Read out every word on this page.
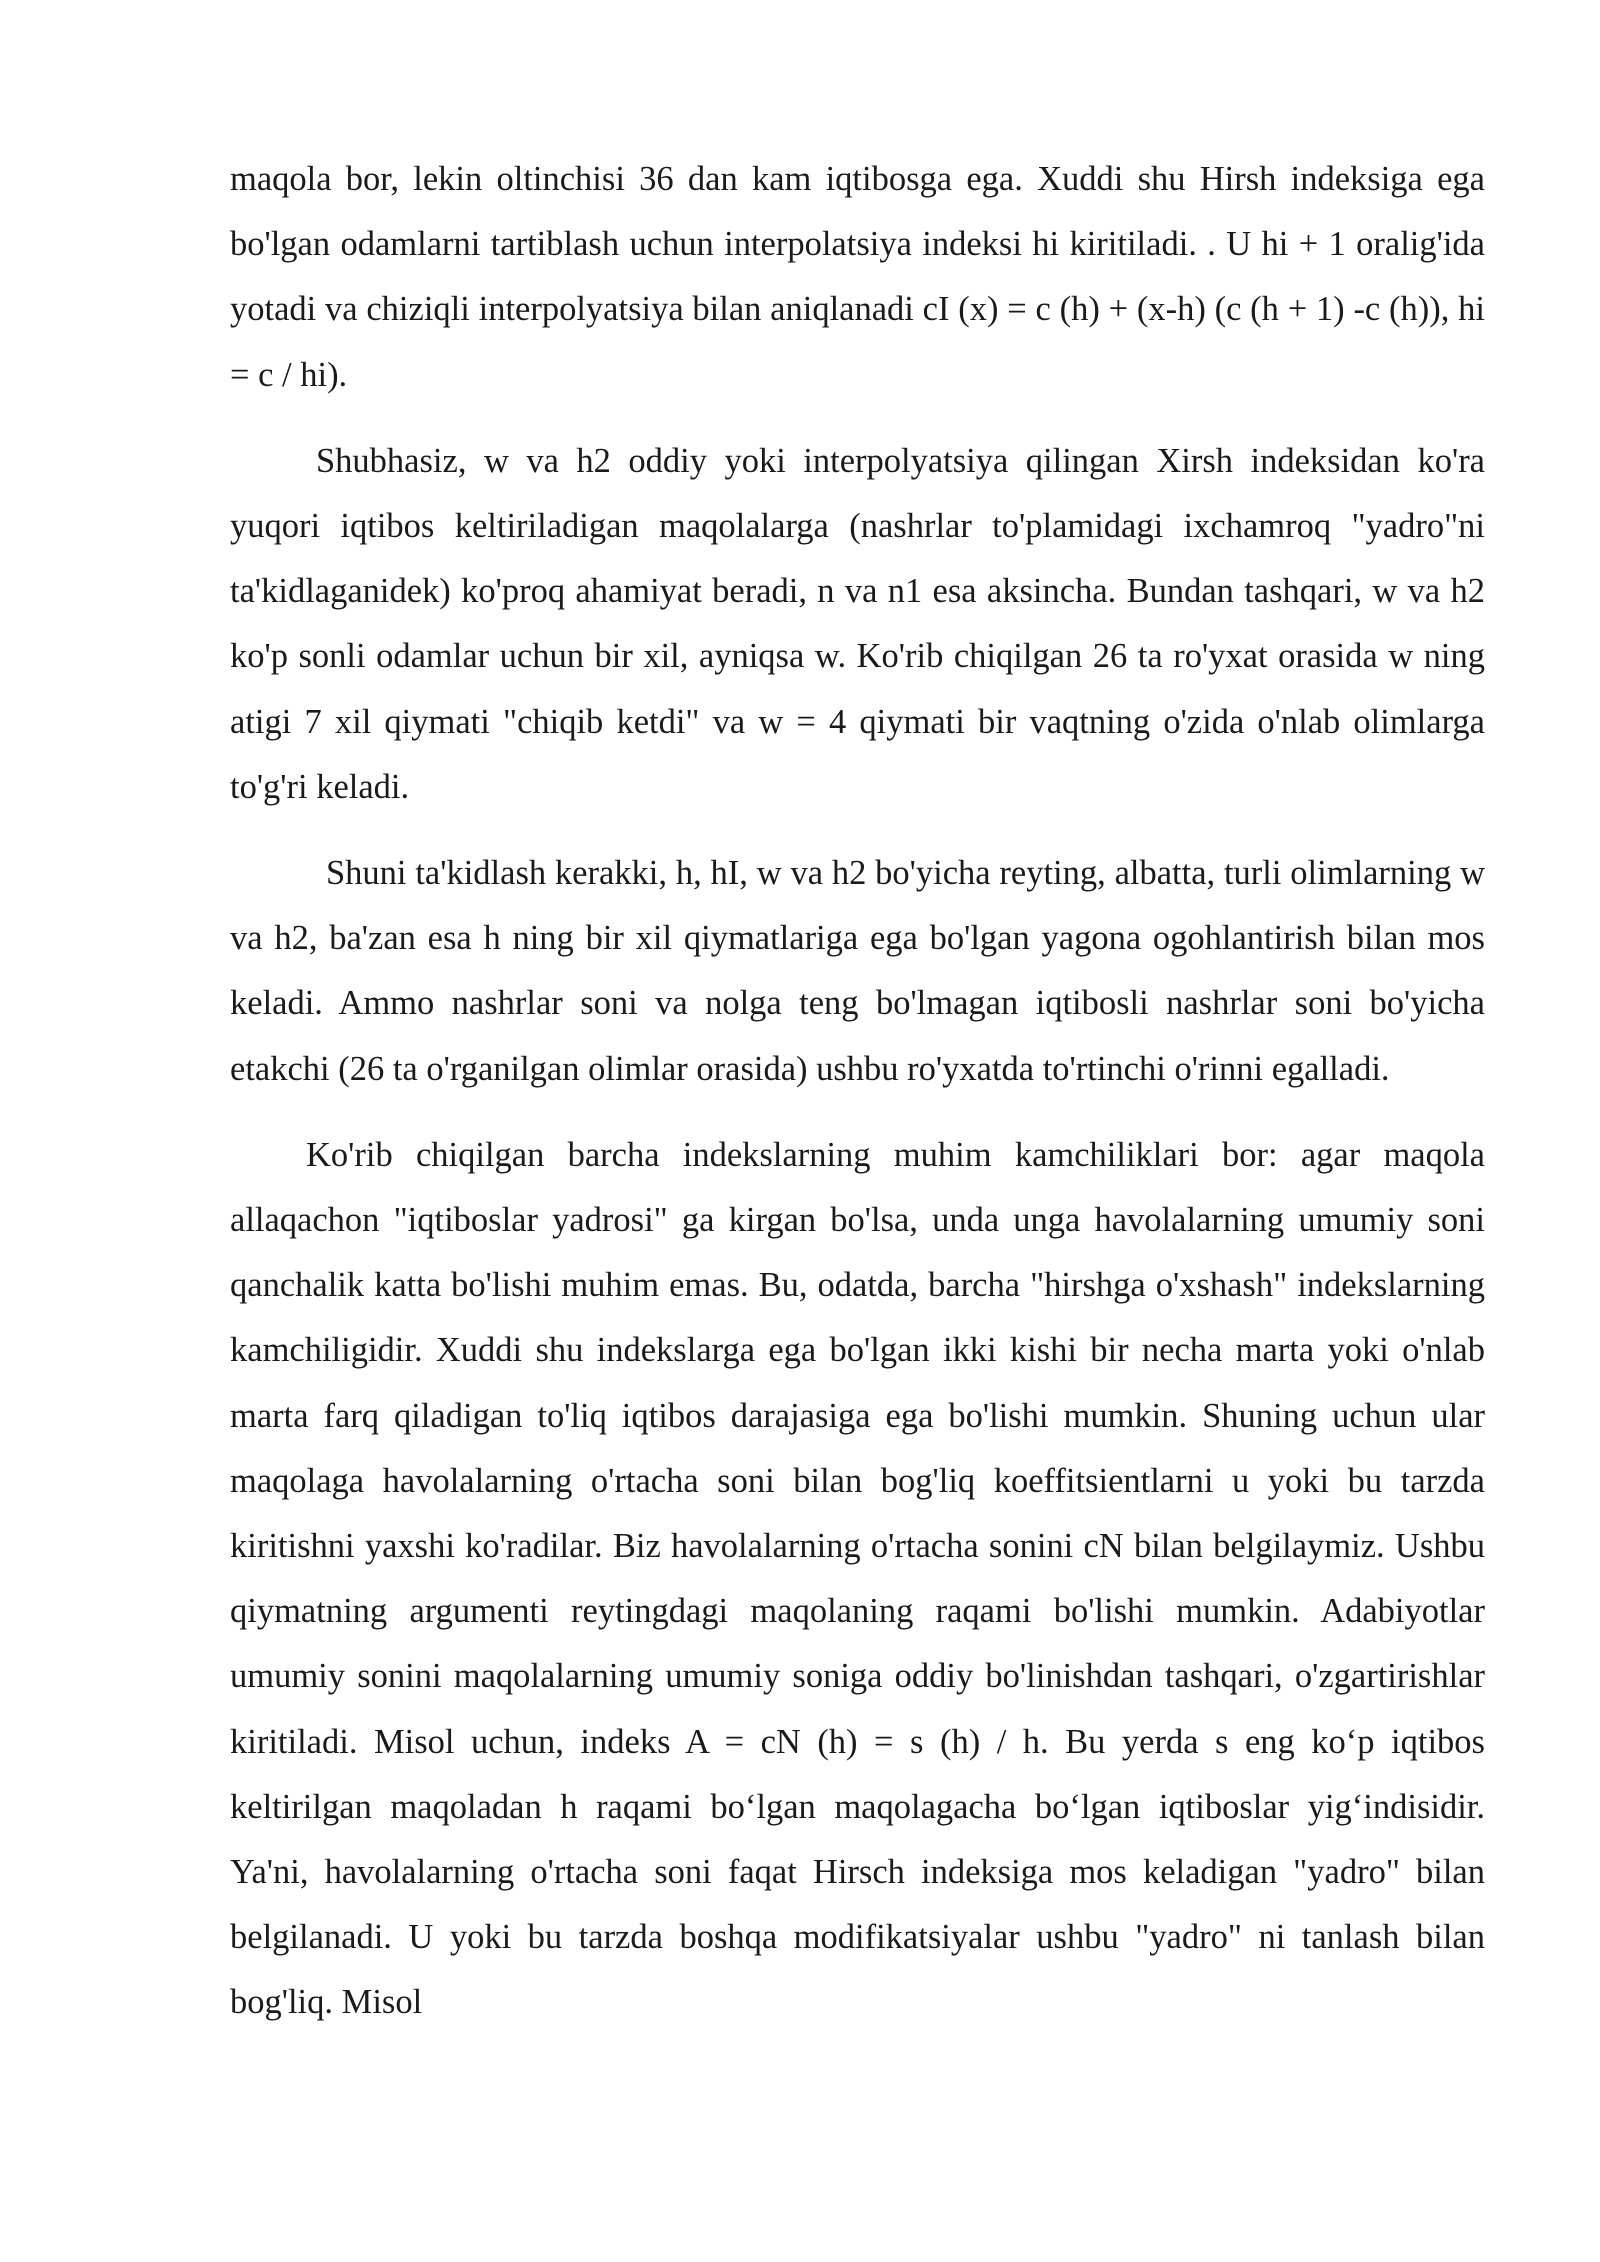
maqola bor, lekin oltinchisi 36 dan kam iqtibosga ega. Xuddi shu Hirsh indeksiga ega bo'lgan odamlarni tartiblash uchun interpolatsiya indeksi hi kiritiladi. . U hi + 1 oralig'ida yotadi va chiziqli interpolyatsiya bilan aniqlanadi cI (x) = c (h) + (x-h) (c (h + 1) -c (h)), hi = c / hi).

Shubhasiz, w va h2 oddiy yoki interpolyatsiya qilingan Xirsh indeksidan ko'ra yuqori iqtibos keltiriladigan maqolalarga (nashrlar to'plamidagi ixchamroq "yadro"ni ta'kidlaganidek) ko'proq ahamiyat beradi, n va n1 esa aksincha. Bundan tashqari, w va h2 ko'p sonli odamlar uchun bir xil, ayniqsa w. Ko'rib chiqilgan 26 ta ro'yxat orasida w ning atigi 7 xil qiymati "chiqib ketdi" va w = 4 qiymati bir vaqtning o'zida o'nlab olimlarga to'g'ri keladi.

Shuni ta'kidlash kerakki, h, hI, w va h2 bo'yicha reyting, albatta, turli olimlarning w va h2, ba'zan esa h ning bir xil qiymatlariga ega bo'lgan yagona ogohlantirish bilan mos keladi. Ammo nashrlar soni va nolga teng bo'lmagan iqtibosli nashrlar soni bo'yicha etakchi (26 ta o'rganilgan olimlar orasida) ushbu ro'yxatda to'rtinchi o'rinni egalladi.

Ko'rib chiqilgan barcha indekslarning muhim kamchiliklari bor: agar maqola allaqachon "iqtiboslar yadrosi" ga kirgan bo'lsa, unda unga havolalarning umumiy soni qanchalik katta bo'lishi muhim emas. Bu, odatda, barcha "hirshga o'xshash" indekslarning kamchiligidir. Xuddi shu indekslarga ega bo'lgan ikki kishi bir necha marta yoki o'nlab marta farq qiladigan to'liq iqtibos darajasiga ega bo'lishi mumkin. Shuning uchun ular maqolaga havolalarning o'rtacha soni bilan bog'liq koeffitsientlarni u yoki bu tarzda kiritishni yaxshi ko'radilar. Biz havolalarning o'rtacha sonini cN bilan belgilaymiz. Ushbu qiymatning argumenti reytingdagi maqolaning raqami bo'lishi mumkin. Adabiyotlar umumiy sonini maqolalarning umumiy soniga oddiy bo'linishdan tashqari, o'zgartirishlar kiritiladi. Misol uchun, indeks A = cN (h) = s (h) / h. Bu yerda s eng koʻp iqtibos keltirilgan maqoladan h raqami boʻlgan maqolagacha boʻlgan iqtiboslar yigʻindisidir. Ya'ni, havolalarning o'rtacha soni faqat Hirsch indeksiga mos keladigan "yadro" bilan belgilanadi. U yoki bu tarzda boshqa modifikatsiyalar ushbu "yadro" ni tanlash bilan bog'liq. Misol
